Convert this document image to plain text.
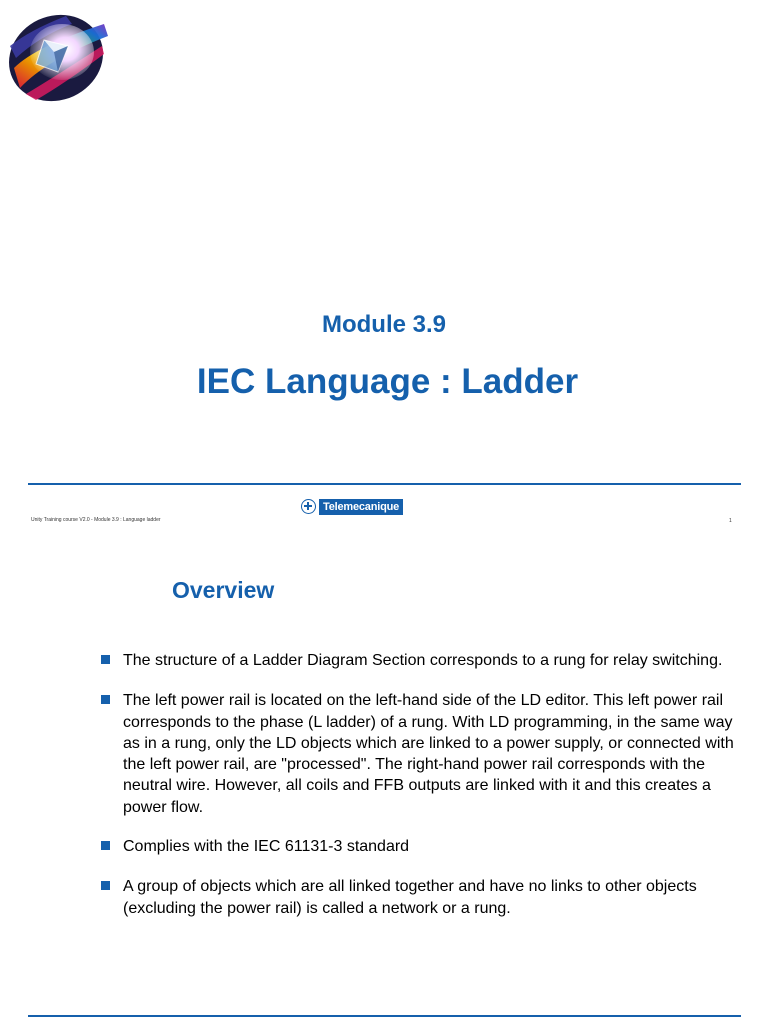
Module 3.9
IEC Language : Ladder
Telemecanique
Unity Training course V2.0 - Module 3.9 : Language ladder	1
Overview
The structure of a Ladder Diagram Section corresponds to a rung for relay switching.
The left power rail is located on the left-hand side of the LD editor. This left power rail corresponds to the phase (L ladder) of a rung. With LD programming, in the same way as in a rung, only the LD objects which are linked to a power supply, or connected with the left power rail, are "processed". The right-hand power rail corresponds with the neutral wire. However, all coils and FFB outputs are linked with it and this creates a power flow.
Complies with the IEC 61131-3 standard
A group of objects which are all linked together and have no links to other objects (excluding the power rail) is called a network or a rung.
